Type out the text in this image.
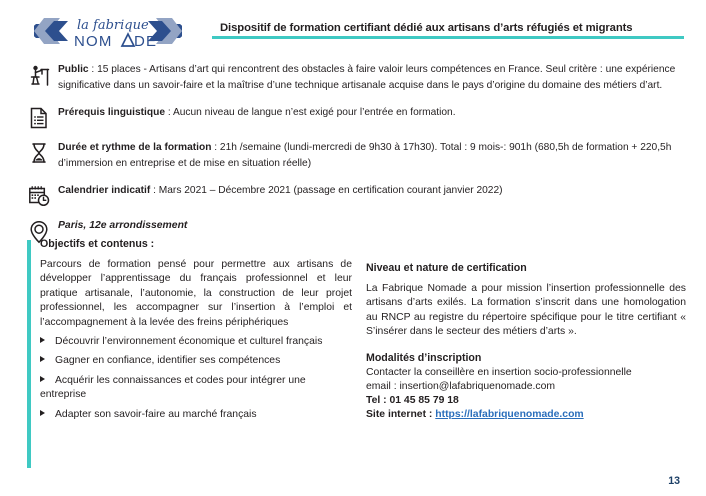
la fabrique
NOM DE
Dispositif de formation certifiant dédié aux artisans d’arts réfugiés et migrants
Public : 15 places - Artisans d’art qui rencontrent des obstacles à faire valoir leurs compétences en France. Seul critère : une expérience significative dans un savoir-faire et la maîtrise d’une technique artisanale acquise dans le pays d’origine du domaine des métiers d’art.
Prérequis linguistique : Aucun niveau de langue n’est exigé pour l’entrée en formation.
Durée et rythme de la formation : 21h /semaine (lundi-mercredi de 9h30 à 17h30). Total : 9 mois-: 901h (680,5h de formation + 220,5h d’immersion en entreprise et de mise en situation réelle)
Calendrier indicatif : Mars 2021 – Décembre 2021 (passage en certification courant janvier 2022)
Paris, 12e arrondissement
Objectifs et contenus :

Parcours de formation pensé pour permettre aux artisans de développer l’apprentissage du français professionnel et leur pratique artisanale, l’autonomie, la construction de leur projet professionnel, les accompagner sur l’insertion à l’emploi et l’accompagnement à la levée des freins périphériques

Découvrir l’environnement économique et culturel français
Gagner en confiance, identifier ses compétences
Acquérir les connaissances et codes pour intégrer une entreprise
Adapter son savoir-faire au marché français
Niveau et nature de certification

La Fabrique Nomade a pour mission l’insertion professionnelle des artisans d’arts exilés. La formation s’inscrit dans une homologation au RNCP au registre du répertoire spécifique pour le titre certifiant « S’insérer dans le secteur des métiers d’arts ».

Modalités d’inscription

Contacter la conseillère en insertion socio-professionnelle

email : insertion@lafabriquenomade.com

Tel : 01 45 85 79 18

Site internet : https://lafabriquenomade.com

13
